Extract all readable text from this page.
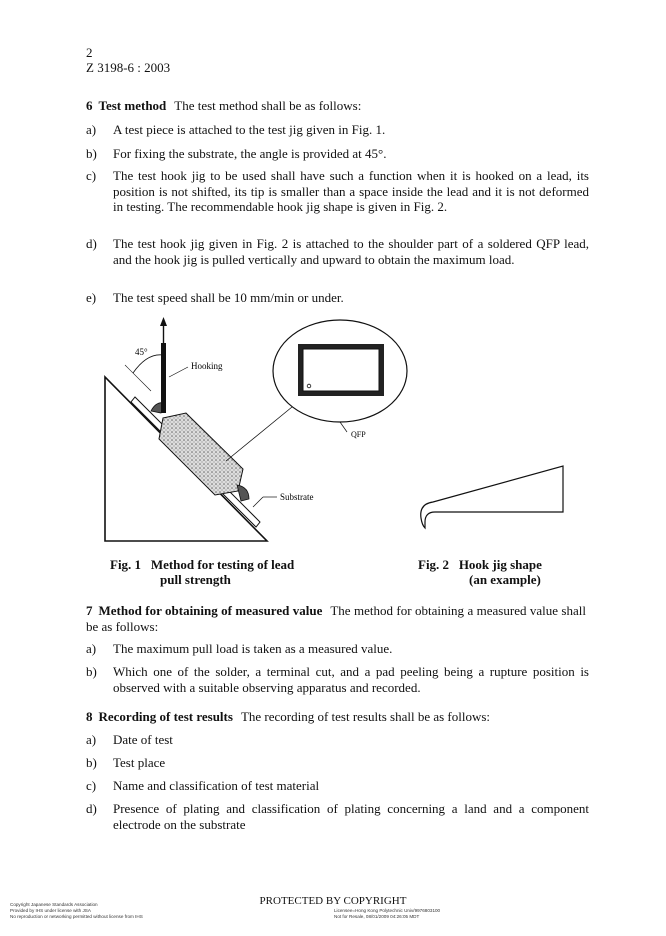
2
Z 3198-6 : 2003
6 Test method The test method shall be as follows:
a) A test piece is attached to the test jig given in Fig. 1.
b) For fixing the substrate, the angle is provided at 45°.
c) The test hook jig to be used shall have such a function when it is hooked on a lead, its position is not shifted, its tip is smaller than a space inside the lead and it is not deformed in testing. The recommendable hook jig shape is given in Fig. 2.
d) The test hook jig given in Fig. 2 is attached to the shoulder part of a soldered QFP lead, and the hook jig is pulled vertically and upward to obtain the maximum load.
e) The test speed shall be 10 mm/min or under.
45°
Hooking
QFP
Substrate
Fig. 1 Method for testing of lead
pull strength
Fig. 2 Hook jig shape
(an example)
7 Method for obtaining of measured value The method for obtaining a measured value shall be as follows:
a) The maximum pull load is taken as a measured value.
b) Which one of the solder, a terminal cut, and a pad peeling being a rupture position is observed with a suitable observing apparatus and recorded.
8 Recording of test results The recording of test results shall be as follows:
a) Date of test
b) Test place
c) Name and classification of test material
d) Presence of plating and classification of plating concerning a land and a component electrode on the substrate
PROTECTED BY COPYRIGHT
Copyright Japanese Standards Association
Provided by IHS under license with JSA
No reproduction or networking permitted without license from IHS
Licensee=Hong Kong Polytechnic Univ/9976803100
Not for Resale, 08/01/2009 04:26:05 MDT
